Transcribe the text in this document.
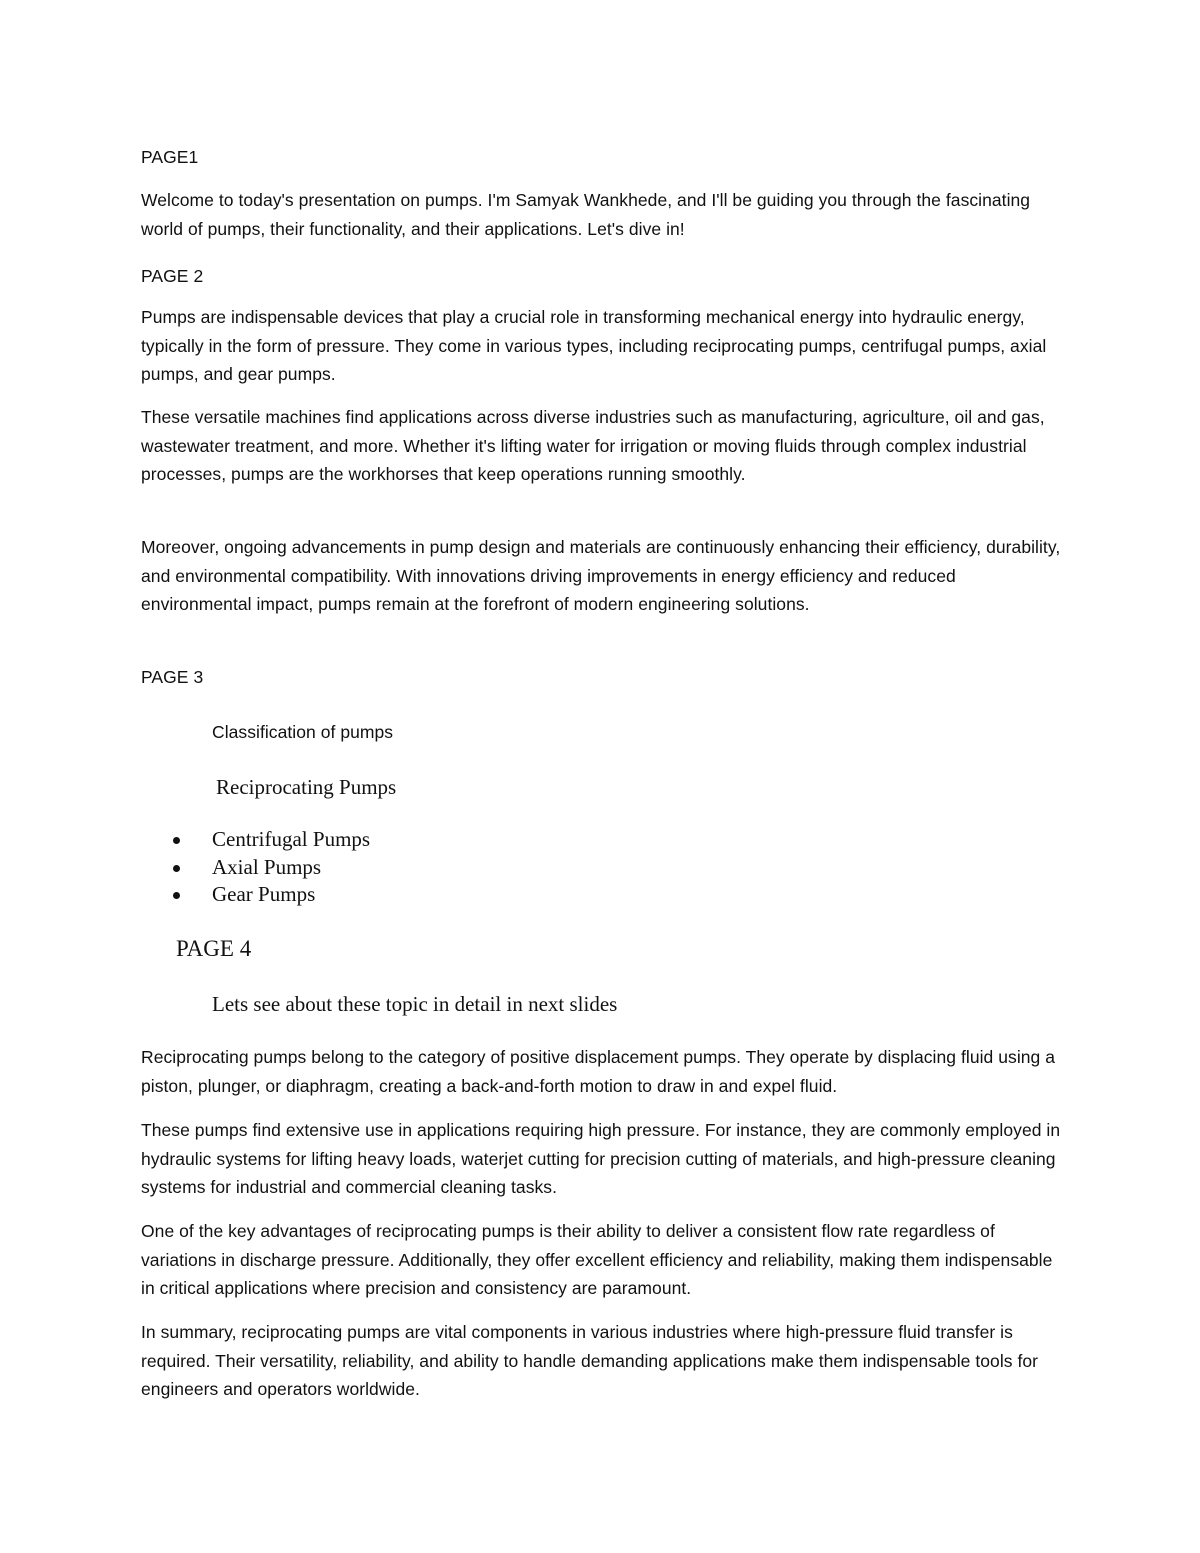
PAGE1

Welcome to today's presentation on pumps. I'm Samyak Wankhede, and I'll be guiding you through the fascinating world of pumps, their functionality, and their applications. Let's dive in!

PAGE 2

Pumps are indispensable devices that play a crucial role in transforming mechanical energy into hydraulic energy, typically in the form of pressure. They come in various types, including reciprocating pumps, centrifugal pumps, axial pumps, and gear pumps.

These versatile machines find applications across diverse industries such as manufacturing, agriculture, oil and gas, wastewater treatment, and more. Whether it's lifting water for irrigation or moving fluids through complex industrial processes, pumps are the workhorses that keep operations running smoothly.

Moreover, ongoing advancements in pump design and materials are continuously enhancing their efficiency, durability, and environmental compatibility. With innovations driving improvements in energy efficiency and reduced environmental impact, pumps remain at the forefront of modern engineering solutions.

PAGE 3

Classification of pumps

Reciprocating Pumps

Centrifugal Pumps
Axial Pumps
Gear Pumps

PAGE 4

Lets see about these topic in detail in next slides

Reciprocating pumps belong to the category of positive displacement pumps. They operate by displacing fluid using a piston, plunger, or diaphragm, creating a back-and-forth motion to draw in and expel fluid.

These pumps find extensive use in applications requiring high pressure. For instance, they are commonly employed in hydraulic systems for lifting heavy loads, waterjet cutting for precision cutting of materials, and high-pressure cleaning systems for industrial and commercial cleaning tasks.

One of the key advantages of reciprocating pumps is their ability to deliver a consistent flow rate regardless of variations in discharge pressure. Additionally, they offer excellent efficiency and reliability, making them indispensable in critical applications where precision and consistency are paramount.

In summary, reciprocating pumps are vital components in various industries where high-pressure fluid transfer is required. Their versatility, reliability, and ability to handle demanding applications make them indispensable tools for engineers and operators worldwide.
